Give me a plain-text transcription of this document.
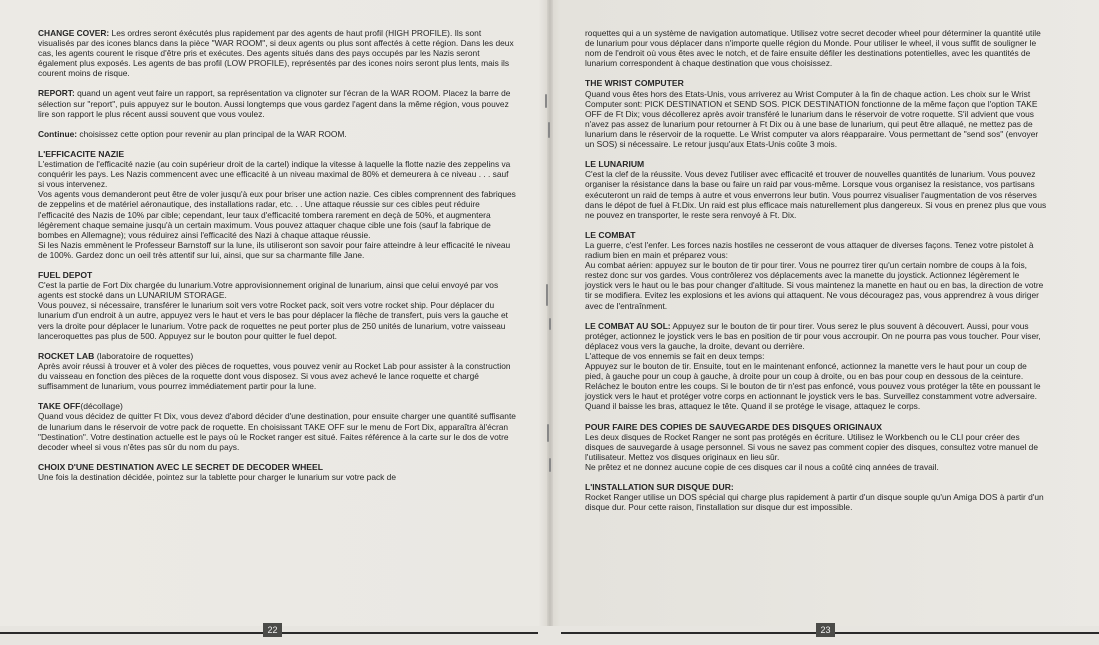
CHANGE COVER: Les ordres seront éxécutés plus rapidement par des agents de haut profil (HIGH PROFILE). Ils sont visualisés par des icones blancs dans la pièce "WAR ROOM", si deux agents ou plus sont affectés à cette région. Dans les deux cas, les agents courent le risque d'être pris et exécutes. Des agents situés dans des pays occupés par les Nazis seront également plus exposés. Les agents de bas profil (LOW PROFILE), représentés par des icones noirs seront plus lents, mais ils courent moins de risque.

REPORT: quand un agent veut faire un rapport, sa représentation va clignoter sur l'écran de la WAR ROOM. Placez la barre de sélection sur "report", puis appuyez sur le bouton. Aussi longtemps que vous gardez l'agent dans la même région, vous pouvez lire son rapport le plus récent aussi souvent que vous voulez.

Continue: choisissez cette option pour revenir au plan principal de la WAR ROOM.

L'EFFICACITE NAZIE

L'estimation de l'efficacité nazie (au coin supérieur droit de la cartel) indique la vitesse à laquelle la flotte nazie des zeppelins va conquérir les pays. Les Nazis commencent avec une efficacité à un niveau maximal de 80% et demeurera à ce niveau . . . sauf si vous intervenez.

Vos agents vous demanderont peut être de voler jusqu'à eux pour briser une action nazie. Ces cibles comprennent des fabriques de zeppelins et de matériel aéronautique, des installations radar, etc. . . Une attaque réussie sur ces cibles peut réduire l'efficacité des Nazis de 10% par cible; cependant, leur taux d'efficacité tombera rarement en deçà de 50%, et augmentera légèrement chaque semaine jusqu'à un certain maximum. Vous pouvez attaquer chaque cible une fois (sauf la fabrique de bombes en Allemagne); vous réduirez ainsi l'efficacité des Nazi à chaque attaque réussie.

Si les Nazis emmènent le Professeur Barnstoff sur la lune, ils utiliseront son savoir pour faire atteindre à leur efficacité le niveau de 100%. Gardez donc un oeil très attentif sur lui, ainsi, que sur sa charmante fille Jane.

FUEL DEPOT

C'est la partie de Fort Dix chargée du lunarium.Votre approvisionnement original de lunarium, ainsi que celui envoyé par vos agents est stocké dans un LUNARIUM STORAGE.

Vous pouvez, si nécessaire, transférer le lunarium soit vers votre Rocket pack, soit vers votre rocket ship. Pour déplacer du lunarium d'un endroit à un autre, appuyez vers le haut et vers le bas pour déplacer la flèche de transfert, puis vers la gauche et vers la droite pour déplacer le lunarium. Votre pack de roquettes ne peut porter plus de 250 unités de lunarium, votre vaisseau lanceroquettes pas plus de 500. Appuyez sur le bouton pour quitter le fuel depot.

ROCKET LAB (laboratoire de roquettes)

Après avoir réussi à trouver et à voler des pièces de roquettes, vous pouvez venir au Rocket Lab pour assister à la construction du vaisseau en fonction des pièces de la roquette dont vous disposez. Si vous avez achevé le lance roquette et chargé suffisamment de lunarium, vous pourrez immédiatement partir pour la lune.

TAKE OFF(décollage)

Quand vous décidez de quitter Ft Dix, vous devez d'abord décider d'une destination, pour ensuite charger une quantité suffisante de lunarium dans le réservoir de votre pack de roquette. En choisissant TAKE OFF sur le menu de Fort Dix, apparaîtra àl'écran "Destination". Votre destination actuelle est le pays où le Rocket ranger est situé. Faites référence à la carte sur le dos de votre decoder wheel si vous n'êtes pas sûr du nom du pays.

CHOIX D'UNE DESTINATION AVEC LE SECRET DE DECODER WHEEL

Une fois la destination décidée, pointez sur la tablette pour charger le lunarium sur votre pack de

roquettes qui a un système de navigation automatique. Utilisez votre secret decoder wheel pour déterminer la quantité utile de lunarium pour vous déplacer dans n'importe quelle région du Monde. Pour utiliser le wheel, il vous suffit de souligner le nom de l'endroit où vous êtes avec le notch, et de faire ensuite défiler les destinations potentielles, avec les quantités de lunarium correspondent à chaque destination que vous choisissez.

THE WRIST COMPUTER

Quand vous êtes hors des Etats-Unis, vous arriverez au Wrist Computer à la fin de chaque action. Les choix sur le Wrist Computer sont: PICK DESTINATION et SEND SOS. PICK DESTINATION fonctionne de la même façon que l'option TAKE OFF de Ft Dix; vous décollerez après avoir transféré le lunarium dans le réservoir de votre roquette. S'il advient que vous n'avez pas assez de lunarium pour retourner à Ft Dix ou à une base de lunarium, qui peut être allaqué, ne mettez pas de lunarium dans le réservoir de la roquette. Le Wrist computer va alors réapparaire. Vous permettant de "send sos" (envoyer un SOS) si nécessaire. Le retour jusqu'aux Etats-Unis coûte 3 mois.

LE LUNARIUM

C'est la clef de la réussite. Vous devez l'utiliser avec efficacité et trouver de nouvelles quantités de lunarium. Vous pouvez organiser la résistance dans la base ou faire un raid par vous-même. Lorsque vous organisez la resistance, vos partisans exécuteront un raid de temps à autre et vous enverrons leur butin. Vous pourrez visualiser l'augmentation de vos réserves dans le dépot de fuel à Ft.Dix. Un raid est plus efficace mais naturellement plus dangereux. Si vous en prenez plus que vous ne pouvez en transporter, le reste sera renvoyé à Ft. Dix.

LE COMBAT

La guerre, c'est l'enfer. Les forces nazis hostiles ne cesseront de vous attaquer de diverses façons. Tenez votre pistolet à radium bien en main et préparez vous:

Au combat aérien: appuyez sur le bouton de tir pour tirer. Vous ne pourrez tirer qu'un certain nombre de coups à la fois, restez donc sur vos gardes. Vous contrôlerez vos déplacements avec la manette du joystick. Actionnez légèrement le joystick vers le haut ou le bas pour changer d'altitude. Si vous maintenez la manette en haut ou en bas, la direction de votre tir se modifiera. Evitez les explosions et les avions qui attaquent. Ne vous découragez pas, vous apprendrez à vous diriger avec de l'entraînment.

LE COMBAT AU SOL: Appuyez sur le bouton de tir pour tirer. Vous serez le plus souvent à découvert. Aussi, pour vous protéger, actionnez le joystick vers le bas en position de tir pour vous accroupir. On ne pourra pas vous toucher. Pour viser, déplacez vous vers la gauche, la droite, devant ou derrière.

L'atteque de vos ennemis se fait en deux temps:

Appuyez sur le bouton de tir. Ensuite, tout en le maintenant enfoncé, actionnez la manette vers le haut pour un coup de pied, à gauche pour un coup à gauche, à droite pour un coup à droite, ou en bas pour coup en dessous de la ceinture.

Reláchez le bouton entre les coups. Si le bouton de tir n'est pas enfoncé, vous pouvez vous protéger la tête en poussant le joystick vers le haut et protéger votre corps en actionnant le joystick vers le bas. Surveillez constamment votre adversaire. Quand il baisse les bras, attaquez le tête. Quand il se protége le visage, attaquez le corps.

POUR FAIRE DES COPIES DE SAUVEGARDE DES DISQUES ORIGINAUX

Les deux disques de Rocket Ranger ne sont pas protégés en écriture. Utilisez le Workbench ou le CLI pour créer des disques de sauvegarde à usage personnel. Si vous ne savez pas comment copier des disques, consultez votre manuel de l'utilisateur. Mettez vos disques originaux en lieu sûr.

Ne prêtez et ne donnez aucune copie de ces disques car il nous a coûté cinq années de travail.

L'INSTALLATION SUR DISQUE DUR:

Rocket Ranger utilise un DOS spécial qui charge plus rapidement à partir d'un disque souple qu'un Amiga DOS à partir d'un disque dur. Pour cette raison, l'installation sur disque dur est impossible.

22	23
